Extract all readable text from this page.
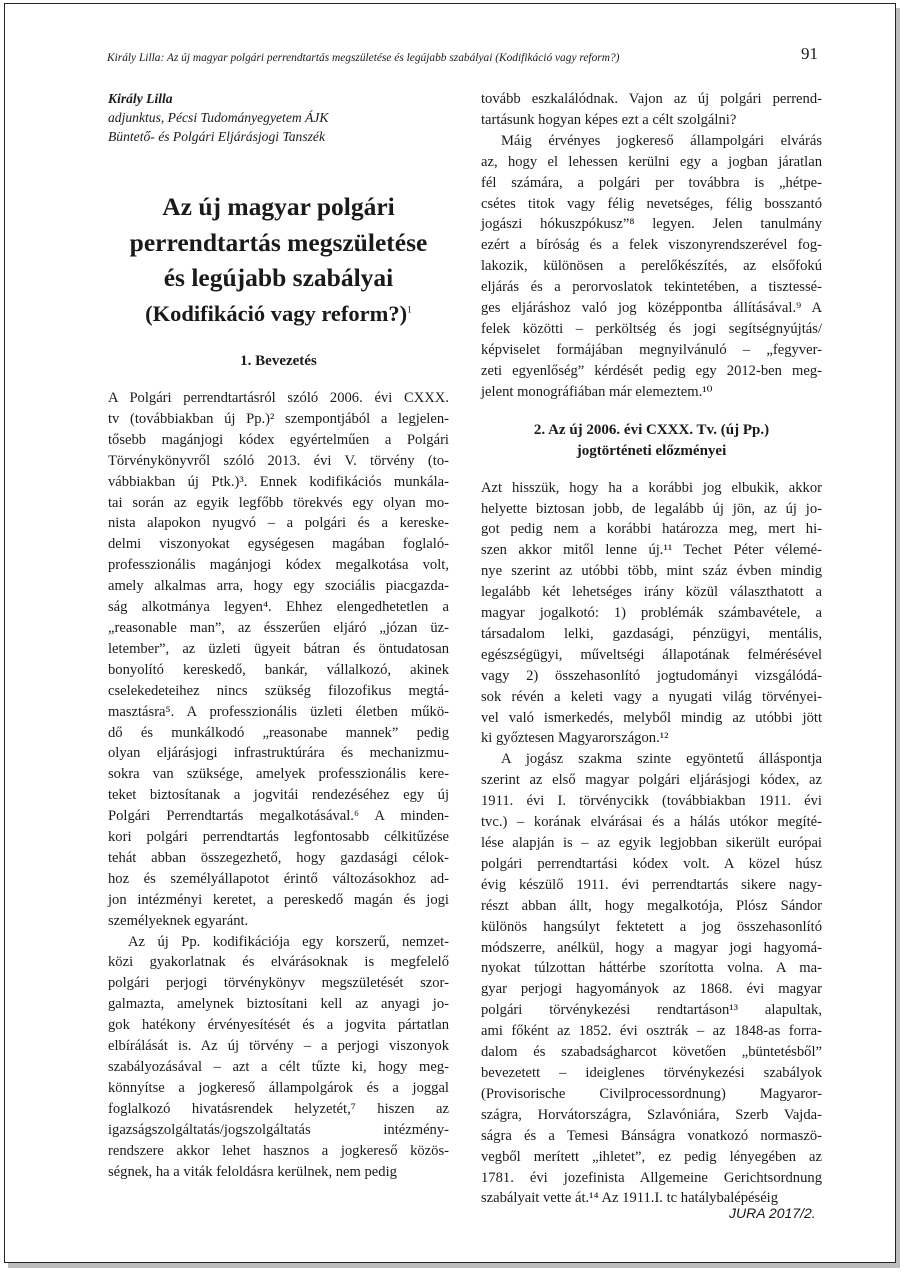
Király Lilla: Az új magyar polgári perrendtartás megszületése és legújabb szabályai (Kodifikáció vagy reform?)	91
Király Lilla
adjunktus, Pécsi Tudományegyetem ÁJK
Büntető- és Polgári Eljárásjogi Tanszék
Az új magyar polgári
perrendtartás megszületése
és legújabb szabályai
(Kodifikáció vagy reform?)$^1$
1. Bevezetés
A Polgári perrendtartásról szóló 2006. évi CXXX.
tv (továbbiakban új Pp.)² szempontjából a legjelen-
tősebb magánjogi kódex egyértelműen a Polgári
Törvénykönyvről szóló 2013. évi V. törvény (to-
vábbiakban új Ptk.)³. Ennek kodifikációs munkála-
tai során az egyik legfőbb törekvés egy olyan mo-
nista alapokon nyugvó – a polgári és a kereske-
delmi viszonyokat egységesen magában foglaló-
professzionális magánjogi kódex megalkotása volt,
amely alkalmas arra, hogy egy szociális piacgazda-
ság alkotmánya legyen⁴. Ehhez elengedhetetlen a
„reasonable man”, az ésszerűen eljáró „józan üz-
letember”, az üzleti ügyeit bátran és öntudatosan
bonyolító kereskedő, bankár, vállalkozó, akinek
cselekedeteihez nincs szükség filozofikus megtá-
masztásra⁵. A professzionális üzleti életben műkö-
dő és munkálkodó „reasonabe mannek” pedig
olyan eljárásjogi infrastruktúrára és mechanizmu-
sokra van szüksége, amelyek professzionális kere-
teket biztosítanak a jogvitái rendezéséhez egy új
Polgári Perrendtartás megalkotásával.⁶ A minden-
kori polgári perrendtartás legfontosabb célkitűzése
tehát abban összegezhető, hogy gazdasági célok-
hoz és személyállapotot érintő változásokhoz ad-
jon intézményi keretet, a pereskedő magán és jogi
személyeknek egyaránt.
Az új Pp. kodifikációja egy korszerű, nemzet-
közi gyakorlatnak és elvárásoknak is megfelelő
polgári perjogi törvénykönyv megszületését szor-
galmazta, amelynek biztosítani kell az anyagi jo-
gok hatékony érvényesítését és a jogvita pártatlan
elbírálását is. Az új törvény – a perjogi viszonyok
szabályozásával – azt a célt tűzte ki, hogy meg-
könnyítse a jogkereső állampolgárok és a joggal
foglalkozó hivatásrendek helyzetét,⁷ hiszen az
igazságszolgáltatás/jogszolgáltatás intézmény-
rendszere akkor lehet hasznos a jogkereső közös-
ségnek, ha a viták feloldásra kerülnek, nem pedig
tovább eszkalálódnak. Vajon az új polgári perrend-
tartásunk hogyan képes ezt a célt szolgálni?
Máig érvényes jogkereső állampolgári elvárás
az, hogy el lehessen kerülni egy a jogban járatlan
fél számára, a polgári per továbbra is „hétpe-
csétes titok vagy félig nevetséges, félig bosszantó
jogászi hókuszpókusz”⁸ legyen. Jelen tanulmány
ezért a bíróság és a felek viszonyrendszerével fog-
lakozik, különösen a perelőkészítés, az elsőfokú
eljárás és a perorvoslatok tekintetében, a tisztessé-
ges eljáráshoz való jog középpontba állításával.⁹ A
felek közötti – perköltség és jogi segítségnyújtás/
képviselet formájában megnyilvánuló – „fegyver-
zeti egyenlőség” kérdését pedig egy 2012-ben meg-
jelent monográfiában már elemeztem.¹⁰
2. Az új 2006. évi CXXX. Tv. (új Pp.)
jogtörténeti előzményei
Azt hisszük, hogy ha a korábbi jog elbukik, akkor
helyette biztosan jobb, de legalább új jön, az új jo-
got pedig nem a korábbi határozza meg, mert hi-
szen akkor mitől lenne új.¹¹ Techet Péter vélemé-
nye szerint az utóbbi több, mint száz évben mindig
legalább két lehetséges irány közül választhatott a
magyar jogalkotó: 1) problémák számbavétele, a
társadalom lelki, gazdasági, pénzügyi, mentális,
egészségügyi, műveltségi állapotának felmérésével
vagy 2) összehasonlító jogtudományi vizsgálódá-
sok révén a keleti vagy a nyugati világ törvényei-
vel való ismerkedés, melyből mindig az utóbbi jött
ki győztesen Magyarországon.¹²
A jogász szakma szinte egyöntetű álláspontja
szerint az első magyar polgári eljárásjogi kódex, az
1911. évi I. törvénycikk (továbbiakban 1911. évi
tvc.) – korának elvárásai és a hálás utókor megíté-
lése alapján is – az egyik legjobban sikerült európai
polgári perrendtartási kódex volt. A közel húsz
évig készülő 1911. évi perrendtartás sikere nagy-
részt abban állt, hogy megalkotója, Plósz Sándor
különös hangsúlyt fektetett a jog összehasonlító
módszerre, anélkül, hogy a magyar jogi hagyomá-
nyokat túlzottan háttérbe szorította volna. A ma-
gyar perjogi hagyományok az 1868. évi magyar
polgári törvénykezési rendtartáson¹³ alapultak,
ami főként az 1852. évi osztrák – az 1848-as forra-
dalom és szabadságharcot követően „büntetésből”
bevezetett – ideiglenes törvénykezési szabályok
(Provisorische Civilprocessordnung) Magyaror-
szágra, Horvátországra, Szlavóniára, Szerb Vajda-
ságra és a Temesi Bánságra vonatkozó normaszö-
vegből merített „ihletet”, ez pedig lényegében az
1781. évi jozefinista Allgemeine Gerichtsordnung
szabályait vette át.¹⁴ Az 1911.I. tc hatálybalépéséig
JURA 2017/2.
